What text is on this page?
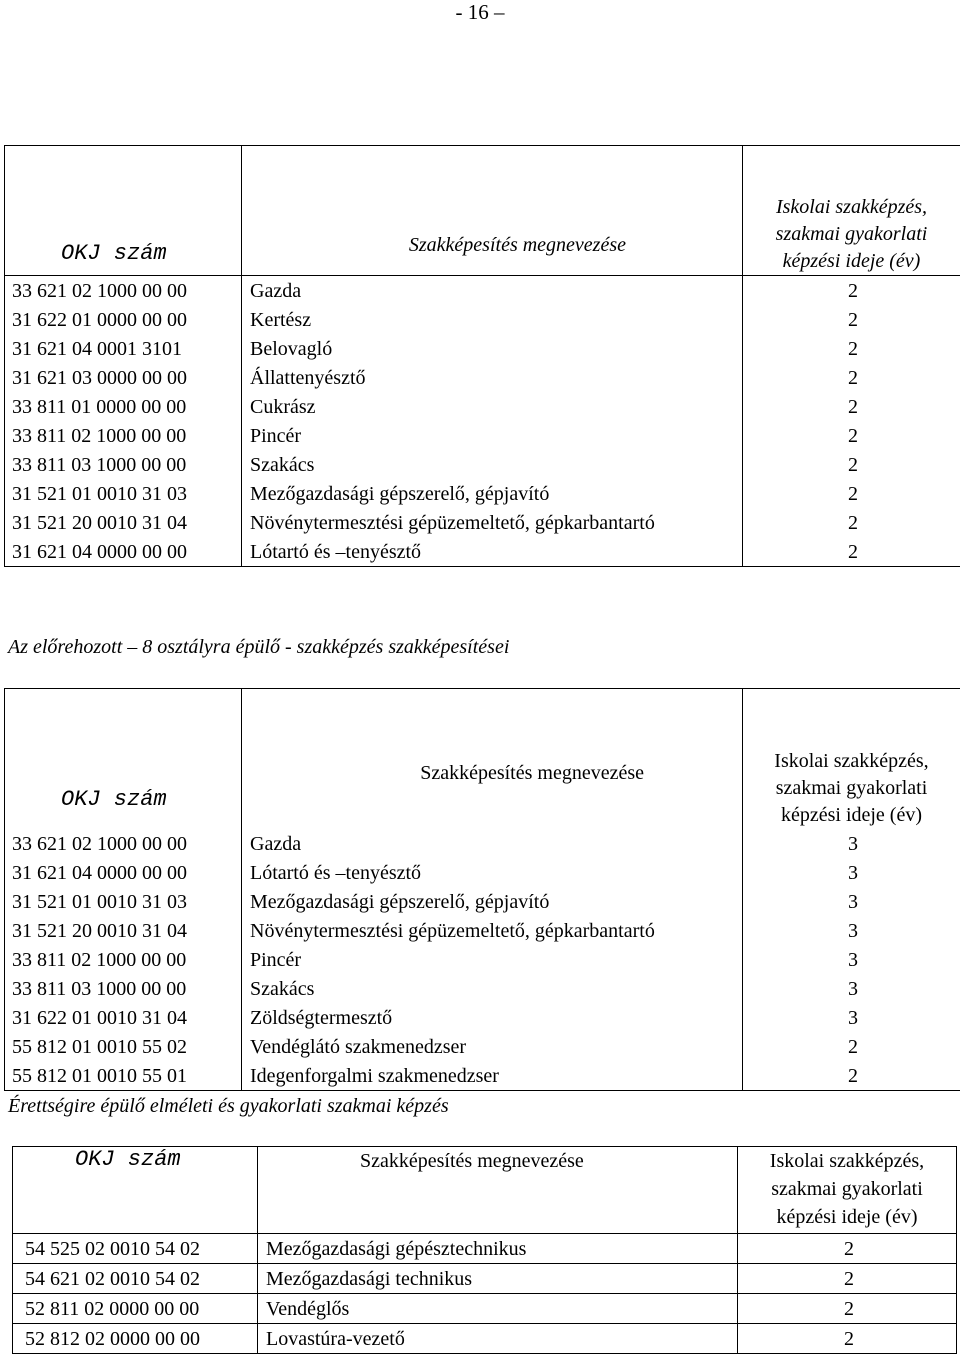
- 16 –
OKJ szám	Szakképesítés megnevezése	Iskolai szakképzés,
szakmai gyakorlati
képzési ideje (év)

33 621 02 1000 00 00	Gazda	2
31 622 01 0000 00 00	Kertész	2
31 621 04 0001 3101	Belovagló	2
31 621 03 0000 00 00	Állattenyésztő	2
33 811 01 0000 00 00	Cukrász	2
33 811 02 1000 00 00	Pincér	2
33 811 03 1000 00 00	Szakács	2
31 521 01 0010 31 03	Mezőgazdasági gépszerelő, gépjavító	2
31 521 20 0010 31 04	Növénytermesztési gépüzemeltető, gépkarbantartó	2
31 621 04 0000 00 00	Lótartó és –tenyésztő	2
Az előrehozott – 8 osztályra épülő - szakképzés szakképesítései
OKJ szám	Szakképesítés megnevezése	Iskolai szakképzés,
szakmai gyakorlati
képzési ideje (év)

33 621 02 1000 00 00	Gazda	3
31 621 04 0000 00 00	Lótartó és –tenyésztő	3
31 521 01 0010 31 03	Mezőgazdasági gépszerelő, gépjavító	3
31 521 20 0010 31 04	Növénytermesztési gépüzemeltető, gépkarbantartó	3
33 811 02 1000 00 00	Pincér	3
33 811 03 1000 00 00	Szakács	3
31 622 01 0010 31 04	Zöldségtermesztő	3
55 812 01 0010 55 02	Vendéglátó szakmenedzser	2
55 812 01 0010 55 01	Idegenforgalmi szakmenedzser	2
Érettségire épülő elméleti és gyakorlati szakmai képzés
OKJ szám	Szakképesítés megnevezése	Iskolai szakképzés,
szakmai gyakorlati
képzési ideje (év)

54 525 02 0010 54 02	Mezőgazdasági gépésztechnikus	2
54 621 02 0010 54 02	Mezőgazdasági technikus	2
52 811 02 0000 00 00	Vendéglős	2
52 812 02 0000 00 00	Lovastúra-vezető	2
